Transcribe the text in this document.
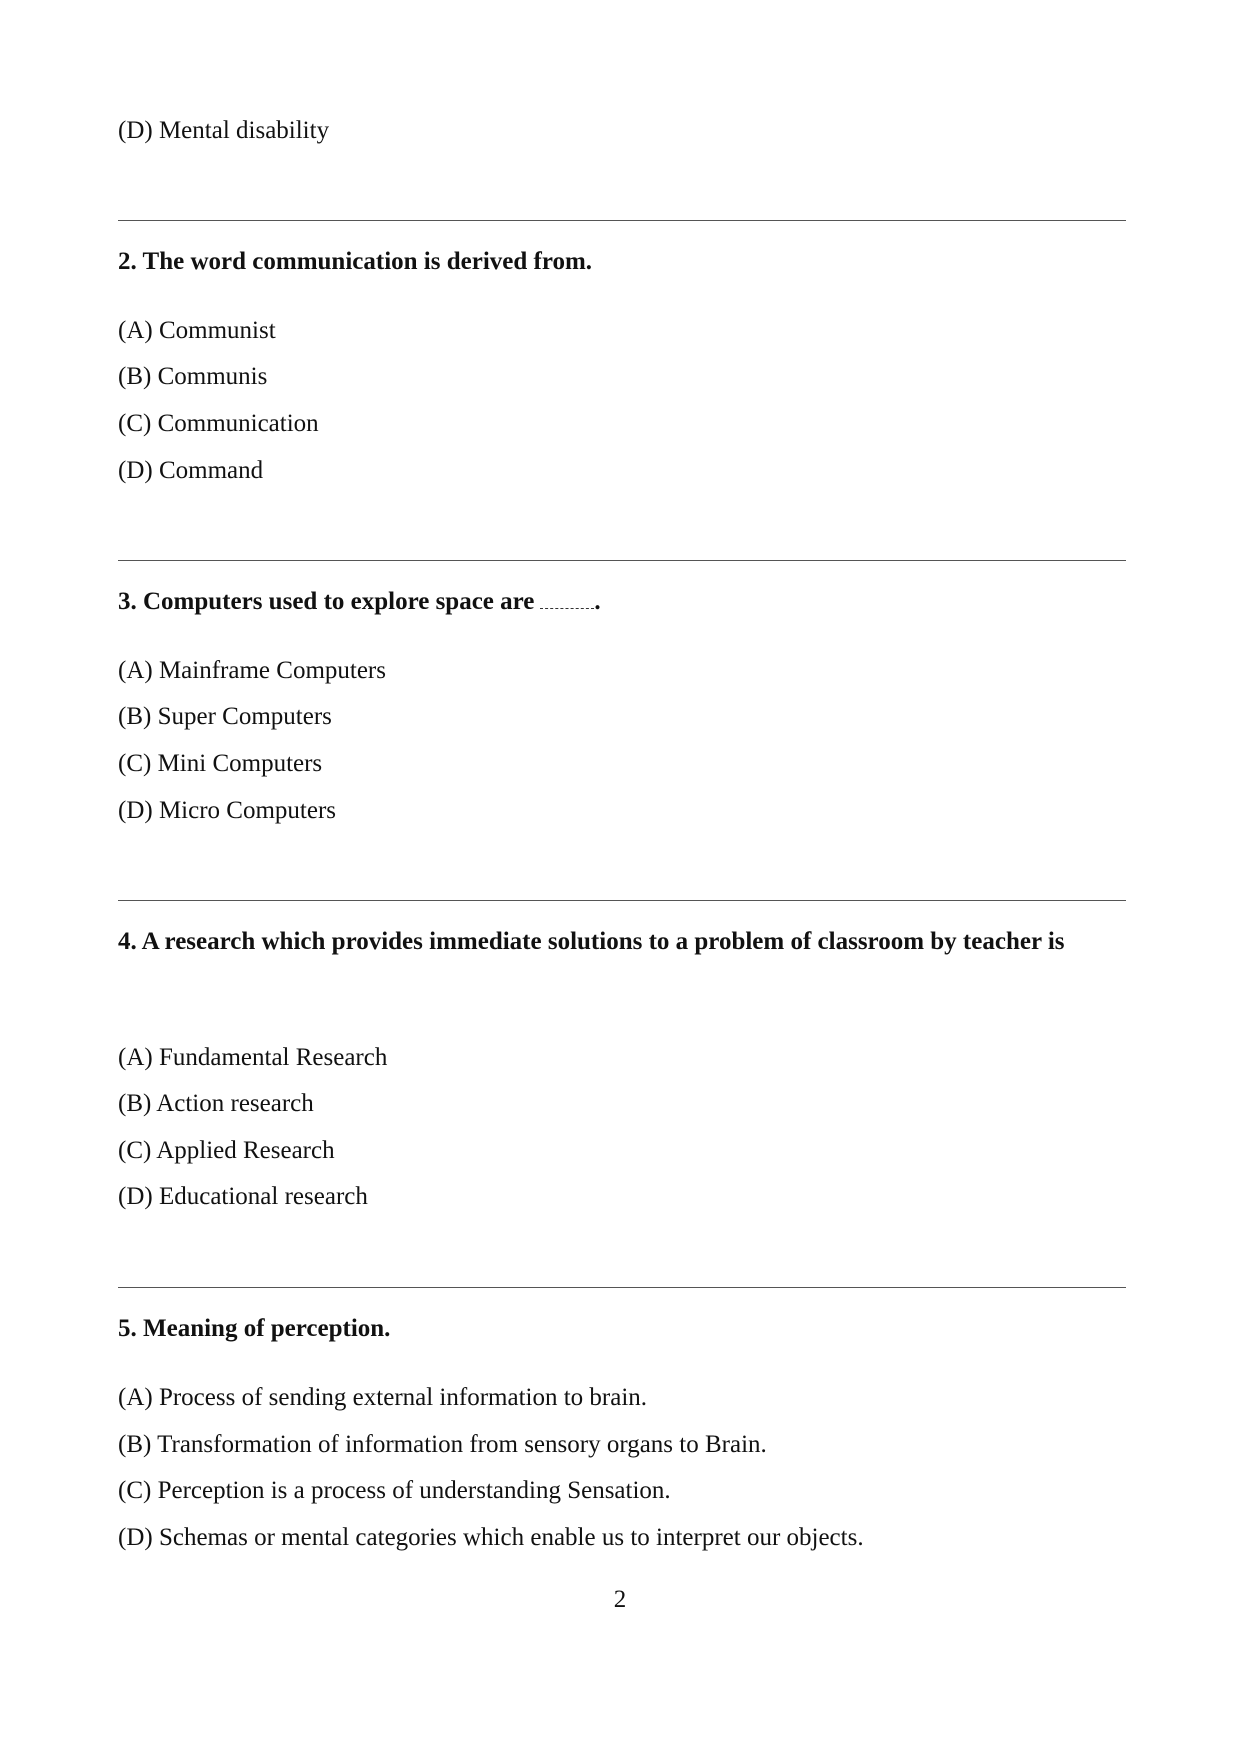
(D) Mental disability
2. The word communication is derived from.
(A) Communist
(B) Communis
(C) Communication
(D) Command
3. Computers used to explore space are .
(A) Mainframe Computers
(B) Super Computers
(C) Mini Computers
(D) Micro Computers
4. A research which provides immediate solutions to a problem of classroom by teacher is
(A) Fundamental Research
(B) Action research
(C) Applied Research
(D) Educational research
5. Meaning of perception.
(A) Process of sending external information to brain.
(B) Transformation of information from sensory organs to Brain.
(C) Perception is a process of understanding Sensation.
(D) Schemas or mental categories which enable us to interpret our objects.
2
